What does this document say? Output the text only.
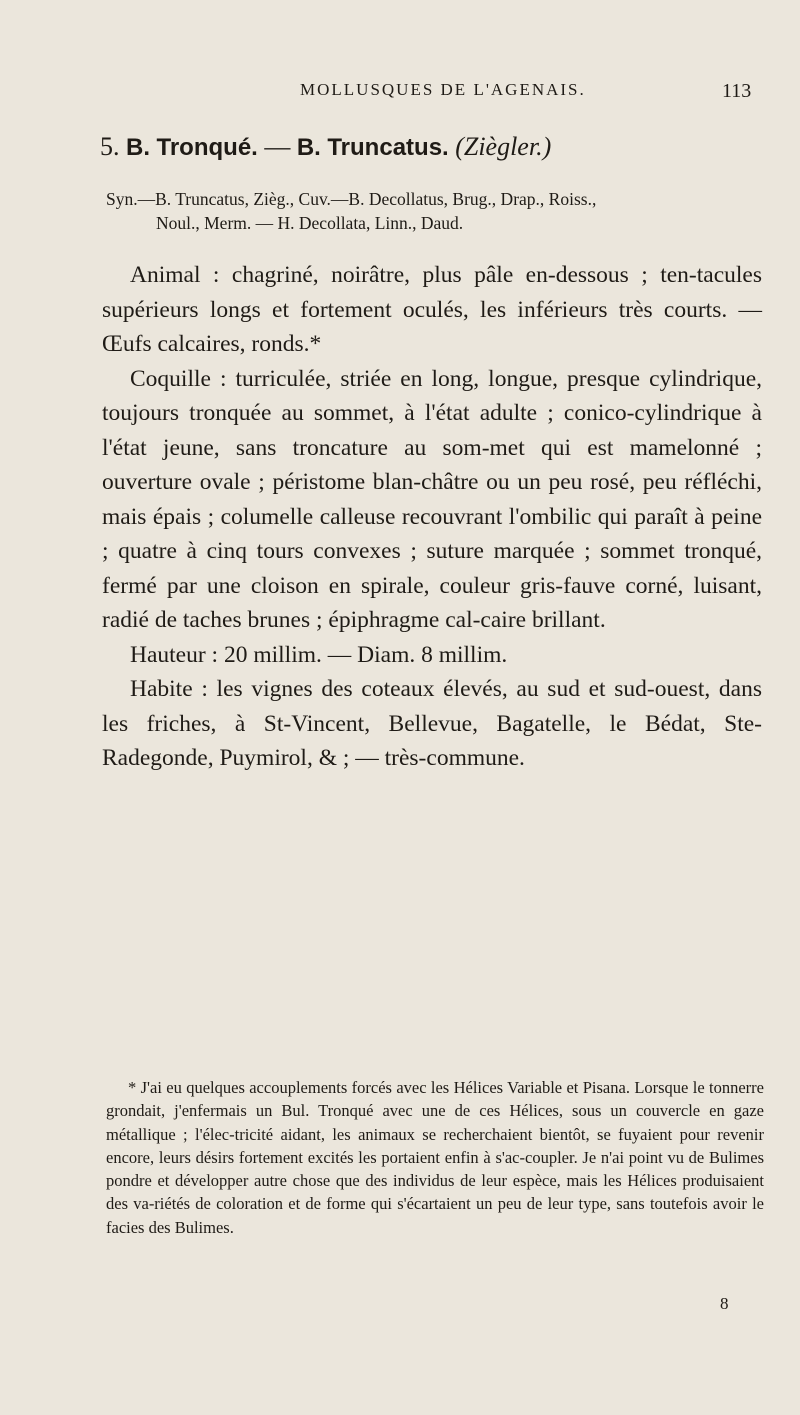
MOLLUSQUES DE L'AGENAIS.	113
5. B. Tronqué. — B. Truncatus. (Ziègler.)

Syn.—B. Truncatus, Zièg., Cuv.—B. Decollatus, Brug., Drap., Roiss.,

Noul., Merm. — H. Decollata, Linn., Daud.

Animal : chagriné, noirâtre, plus pâle en-dessous ; ten-tacules supérieurs longs et fortement oculés, les inférieurs très courts. — Œufs calcaires, ronds.*

Coquille : turriculée, striée en long, longue, presque cylindrique, toujours tronquée au sommet, à l'état adulte ; conico-cylindrique à l'état jeune, sans troncature au som-met qui est mamelonné ; ouverture ovale ; péristome blan-châtre ou un peu rosé, peu réfléchi, mais épais ; columelle calleuse recouvrant l'ombilic qui paraît à peine ; quatre à cinq tours convexes ; suture marquée ; sommet tronqué, fermé par une cloison en spirale, couleur gris-fauve corné, luisant, radié de taches brunes ; épiphragme cal-caire brillant.

Hauteur : 20 millim. — Diam. 8 millim.

Habite : les vignes des coteaux élevés, au sud et sud-ouest, dans les friches, à St-Vincent, Bellevue, Bagatelle, le Bédat, Ste-Radegonde, Puymirol, & ; — très-commune.

* J'ai eu quelques accouplements forcés avec les Hélices Variable et Pisana. Lorsque le tonnerre grondait, j'enfermais un Bul. Tronqué avec une de ces Hélices, sous un couvercle en gaze métallique ; l'élec-tricité aidant, les animaux se recherchaient bientôt, se fuyaient pour revenir encore, leurs désirs fortement excités les portaient enfin à s'ac-coupler. Je n'ai point vu de Bulimes pondre et développer autre chose que des individus de leur espèce, mais les Hélices produisaient des va-riétés de coloration et de forme qui s'écartaient un peu de leur type, sans toutefois avoir le facies des Bulimes.

8
